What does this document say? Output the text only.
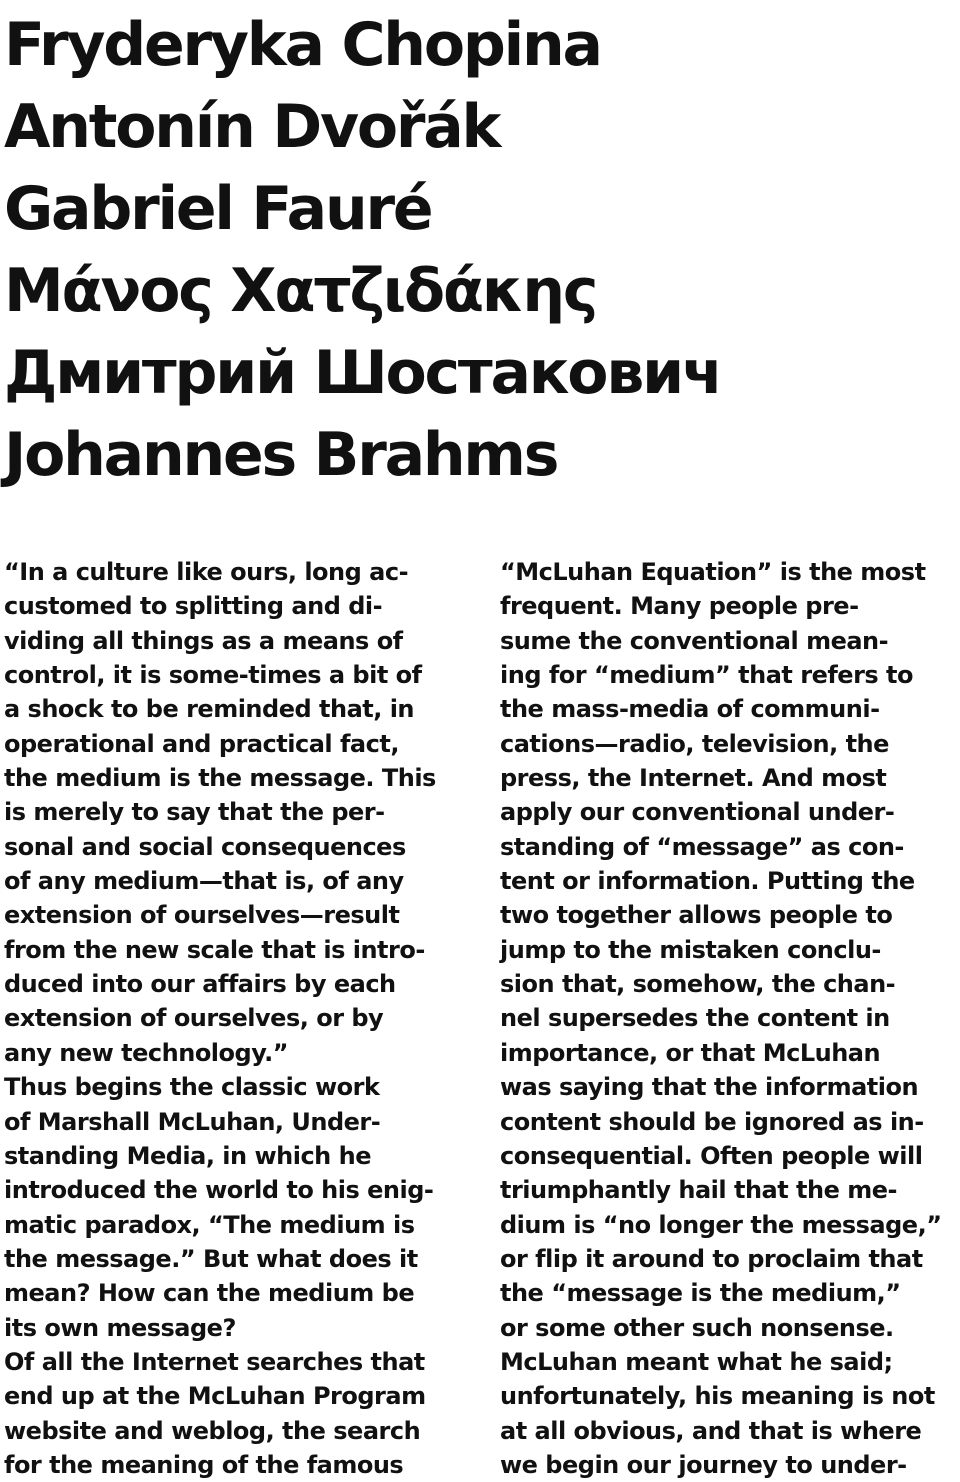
Fryderyka Chopina
Antonín Dvořák
Gabriel Fauré
Μάνος Χατζιδάκης
Дмитрий Шостакович
Johannes Brahms
“In a culture like ours, long ac-
customed to splitting and di-
viding all things as a means of
control, it is some-times a bit of
a shock to be reminded that, in
operational and practical fact,
the medium is the message. This
is merely to say that the per-
sonal and social consequences
of any medium—that is, of any
extension of ourselves—result
from the new scale that is intro-
duced into our affairs by each
extension of ourselves, or by
any new technology.”
Thus begins the classic work
of Marshall McLuhan, Under-
standing Media, in which he
introduced the world to his enig-
matic paradox, “The medium is
the message.” But what does it
mean? How can the medium be
its own message?
Of all the Internet searches that
end up at the McLuhan Program
website and weblog, the search
for the meaning of the famous
“McLuhan Equation” is the most
frequent. Many people pre-
sume the conventional mean-
ing for “medium” that refers to
the mass-media of communi-
cations—radio, television, the
press, the Internet. And most
apply our conventional under-
standing of “message” as con-
tent or information. Putting the
two together allows people to
jump to the mistaken conclu-
sion that, somehow, the chan-
nel supersedes the content in
importance, or that McLuhan
was saying that the information
content should be ignored as in-
consequential. Often people will
triumphantly hail that the me-
dium is “no longer the message,”
or flip it around to proclaim that
the “message is the medium,”
or some other such nonsense.
McLuhan meant what he said;
unfortunately, his meaning is not
at all obvious, and that is where
we begin our journey to under-
